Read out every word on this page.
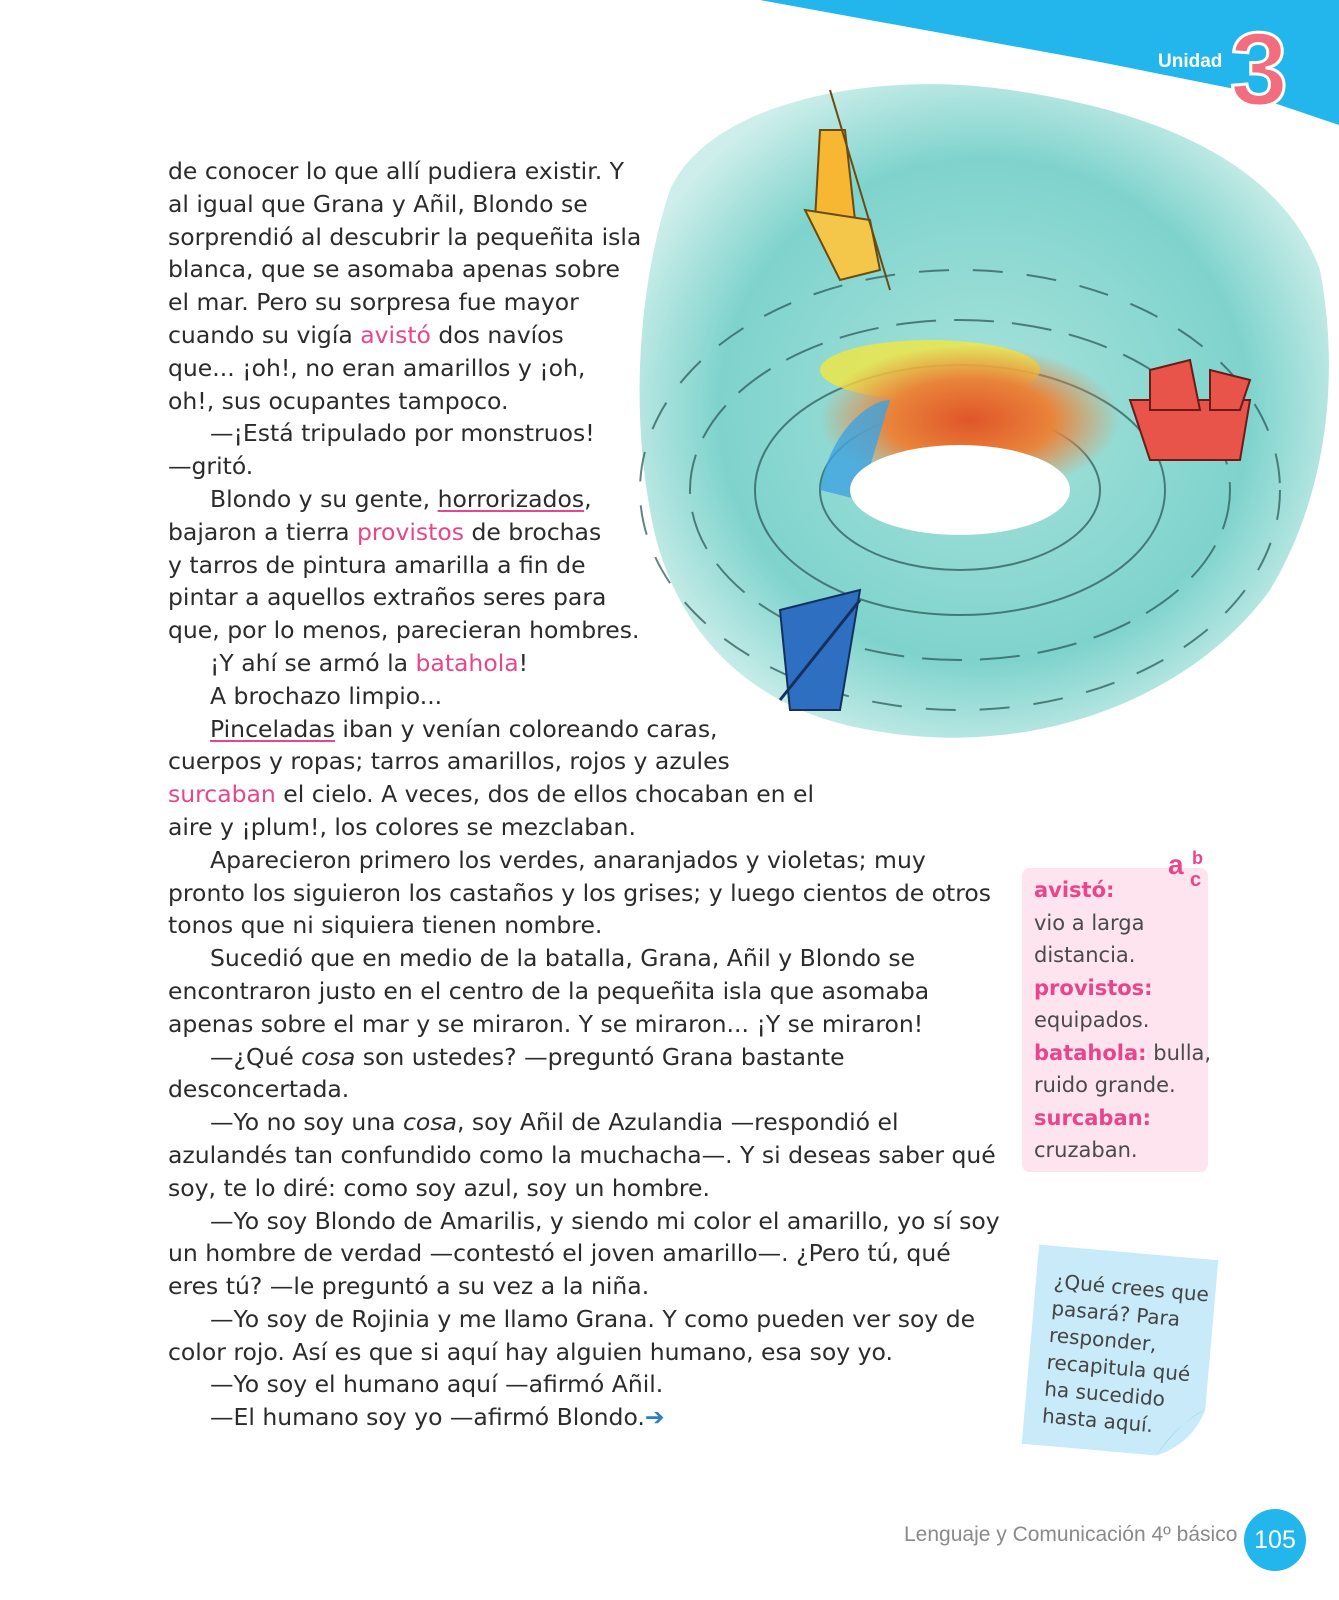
Unidad 3

de conocer lo que allí pudiera existir. Y

al igual que Grana y Añil, Blondo se

sorprendió al descubrir la pequeñita isla

blanca, que se asomaba apenas sobre

el mar. Pero su sorpresa fue mayor

cuando su vigía avistó dos navíos

que... ¡oh!, no eran amarillos y ¡oh,

oh!, sus ocupantes tampoco.

—¡Está tripulado por monstruos!

—gritó.

Blondo y su gente, horrorizados,

bajaron a tierra provistos de brochas

y tarros de pintura amarilla a fin de

pintar a aquellos extraños seres para

que, por lo menos, parecieran hombres.

¡Y ahí se armó la batahola!

A brochazo limpio...

Pinceladas iban y venían coloreando caras,

cuerpos y ropas; tarros amarillos, rojos y azules

surcaban el cielo. A veces, dos de ellos chocaban en el

aire y ¡plum!, los colores se mezclaban.

Aparecieron primero los verdes, anaranjados y violetas; muy pronto los siguieron los castaños y los grises; y luego cientos de otros tonos que ni siquiera tienen nombre.

Sucedió que en medio de la batalla, Grana, Añil y Blondo se encontraron justo en el centro de la pequeñita isla que asomaba apenas sobre el mar y se miraron. Y se miraron... ¡Y se miraron!

—¿Qué cosa son ustedes? —preguntó Grana bastante desconcertada.

—Yo no soy una cosa, soy Añil de Azulandia —respondió el azulandés tan confundido como la muchacha—. Y si deseas saber qué soy, te lo diré: como soy azul, soy un hombre.

—Yo soy Blondo de Amarilis, y siendo mi color el amarillo, yo sí soy un hombre de verdad —contestó el joven amarillo—. ¿Pero tú, qué eres tú? —le preguntó a su vez a la niña.

—Yo soy de Rojinia y me llamo Grana. Y como pueden ver soy de color rojo. Así es que si aquí hay alguien humano, esa soy yo.

—Yo soy el humano aquí —afirmó Añil.

—El humano soy yo —afirmó Blondo.➔

a b
c
avistó:
vio a larga distancia.
provistos:
equipados.
batahola: bulla, ruido grande.
surcaban:
cruzaban.
¿Qué crees que pasará? Para responder, recapitula qué ha sucedido hasta aquí.
Lenguaje y Comunicación 4º básico 105
